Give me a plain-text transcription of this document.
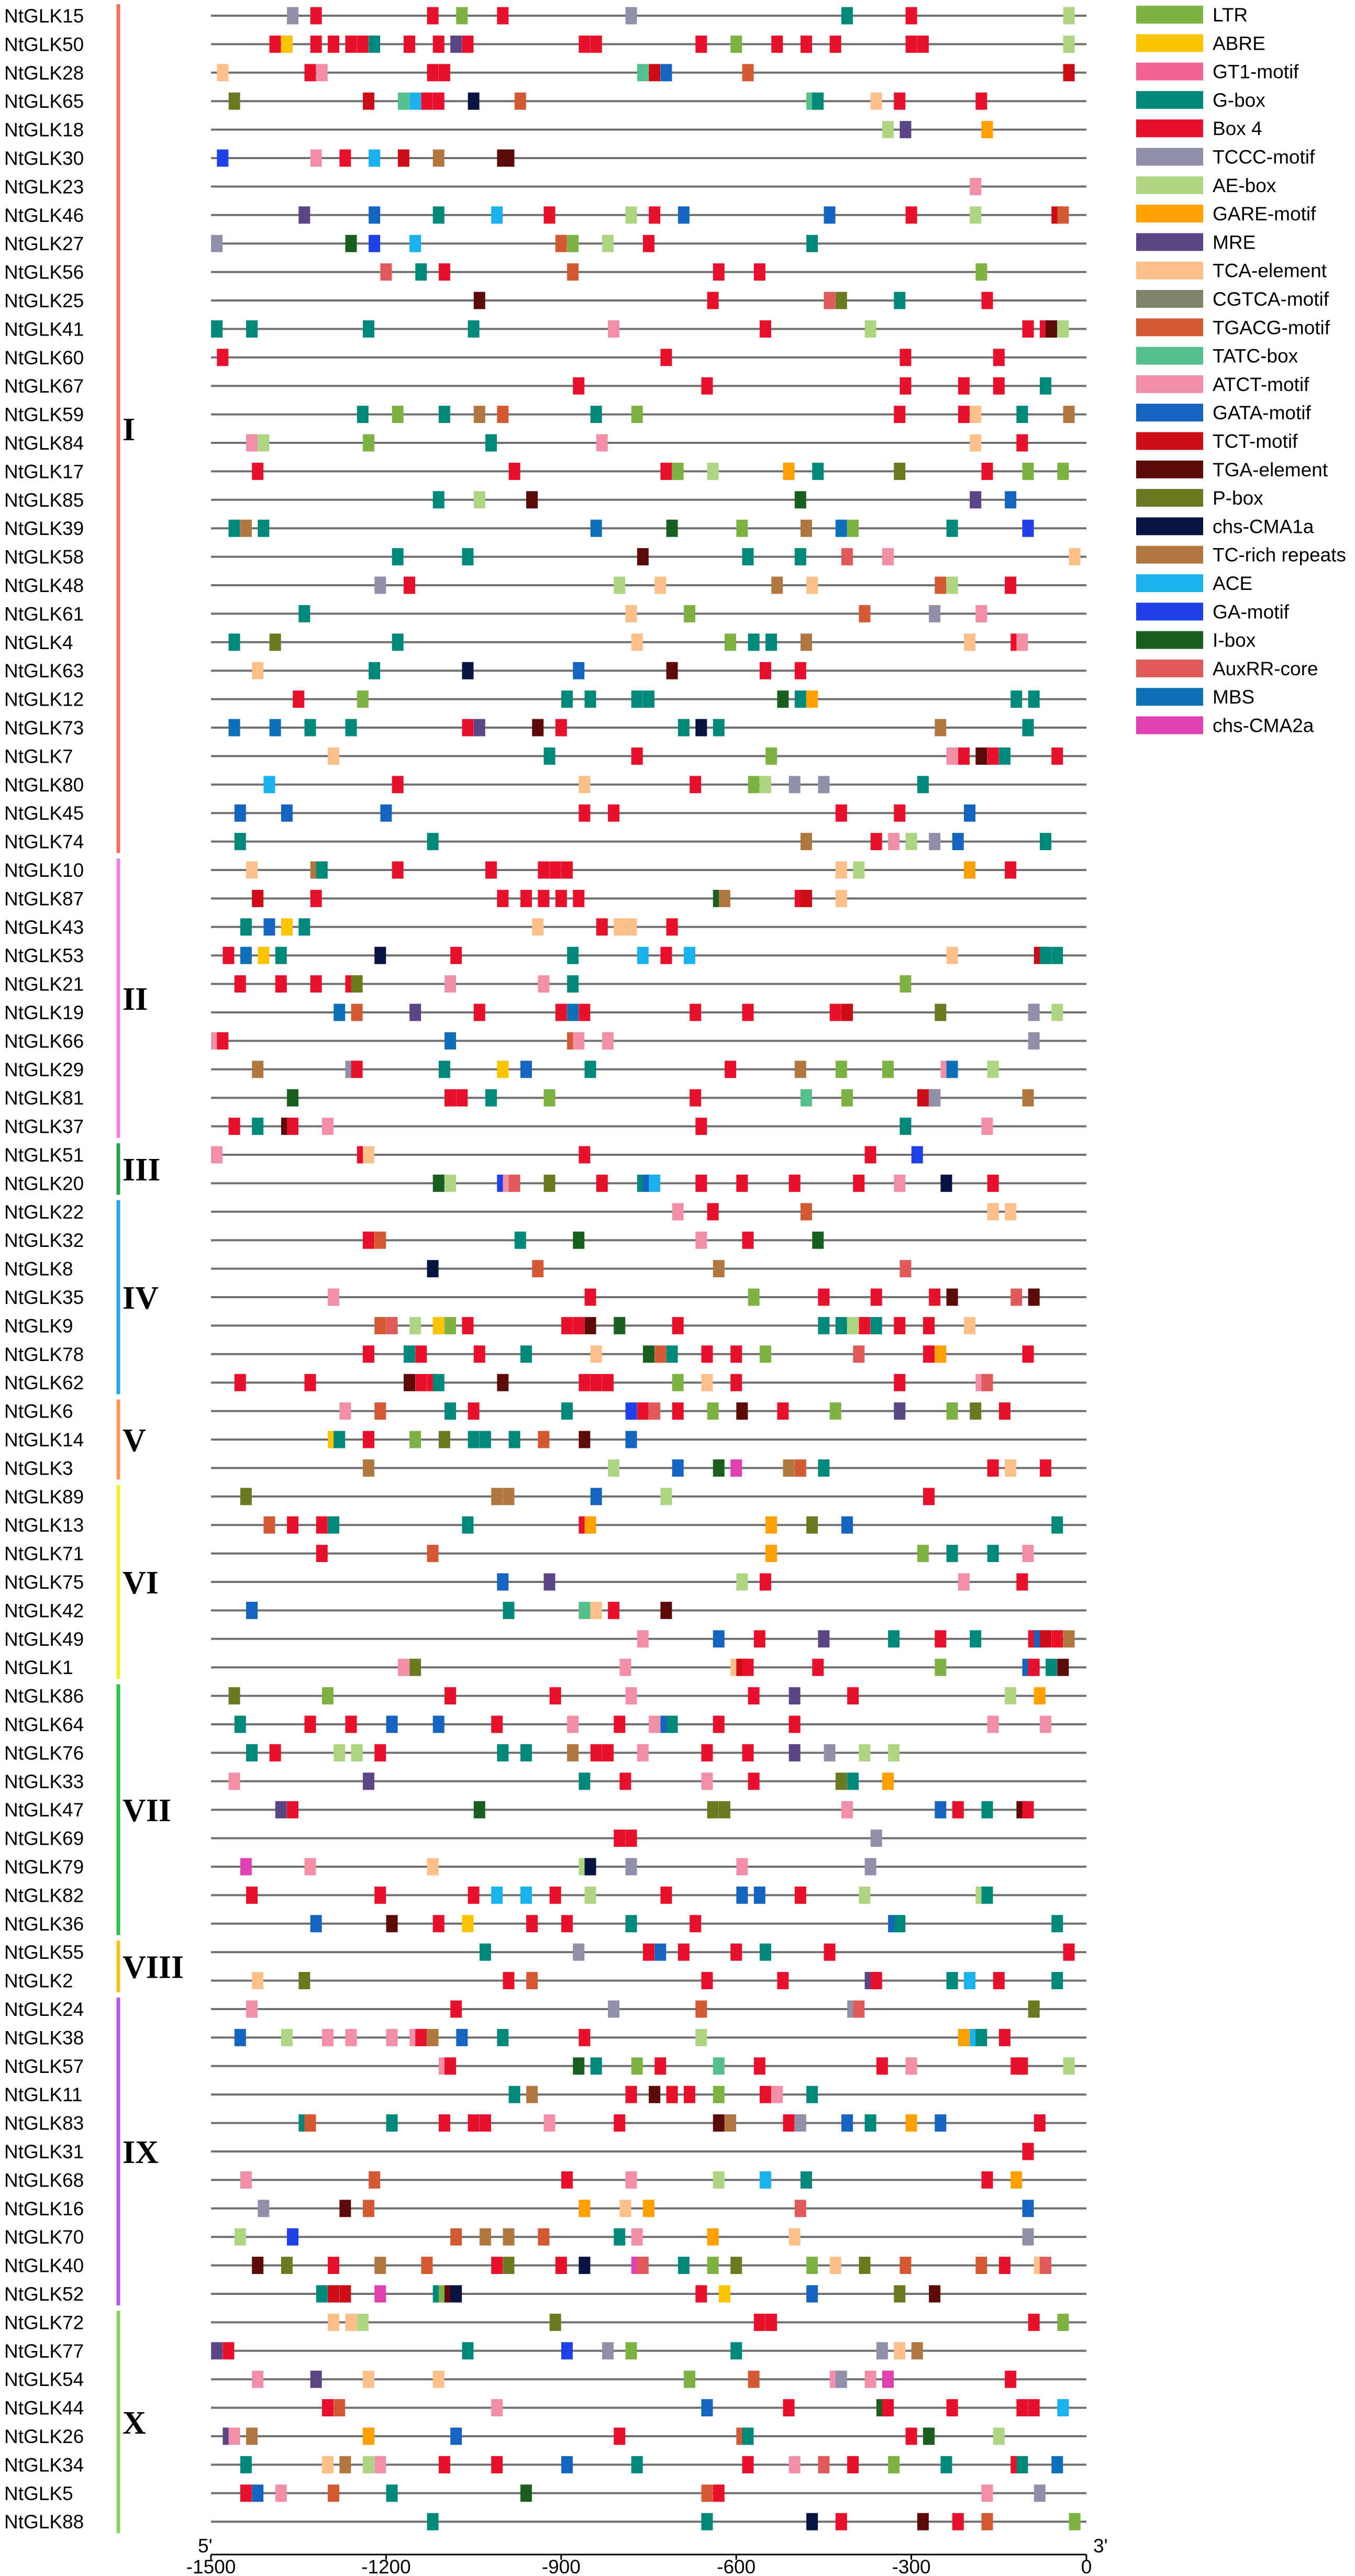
NtGLK15
NtGLK50
NtGLK28
NtGLK65
NtGLK18
NtGLK30
NtGLK23
NtGLK46
NtGLK27
NtGLK56
NtGLK25
NtGLK41
NtGLK60
NtGLK67
NtGLK59
NtGLK84
NtGLK17
NtGLK85
NtGLK39
NtGLK58
NtGLK48
NtGLK61
NtGLK4
NtGLK63
NtGLK12
NtGLK73
NtGLK7
NtGLK80
NtGLK45
NtGLK74
NtGLK10
NtGLK87
NtGLK43
NtGLK53
NtGLK21
NtGLK19
NtGLK66
NtGLK29
NtGLK81
NtGLK37
NtGLK51
NtGLK20
NtGLK22
NtGLK32
NtGLK8
NtGLK35
NtGLK9
NtGLK78
NtGLK62
NtGLK6
NtGLK14
NtGLK3
NtGLK89
NtGLK13
NtGLK71
NtGLK75
NtGLK42
NtGLK49
NtGLK1
NtGLK86
NtGLK64
NtGLK76
NtGLK33
NtGLK47
NtGLK69
NtGLK79
NtGLK82
NtGLK36
NtGLK55
NtGLK2
NtGLK24
NtGLK38
NtGLK57
NtGLK11
NtGLK83
NtGLK31
NtGLK68
NtGLK16
NtGLK70
NtGLK40
NtGLK52
NtGLK72
NtGLK77
NtGLK54
NtGLK44
NtGLK26
NtGLK34
NtGLK5
NtGLK88
I
II
III
IV
V
VI
VII
VIII
IX
X
-1500	-1200	-900	-600	-300	0
5'	3'
LTR
ABRE
GT1-motif
G-box
Box 4
TCCC-motif
AE-box
GARE-motif
MRE
TCA-element
CGTCA-motif
TGACG-motif
TATC-box
ATCT-motif
GATA-motif
TCT-motif
TGA-element
P-box
chs-CMA1a
TC-rich repeats
ACE
GA-motif
I-box
AuxRR-core
MBS
chs-CMA2a
